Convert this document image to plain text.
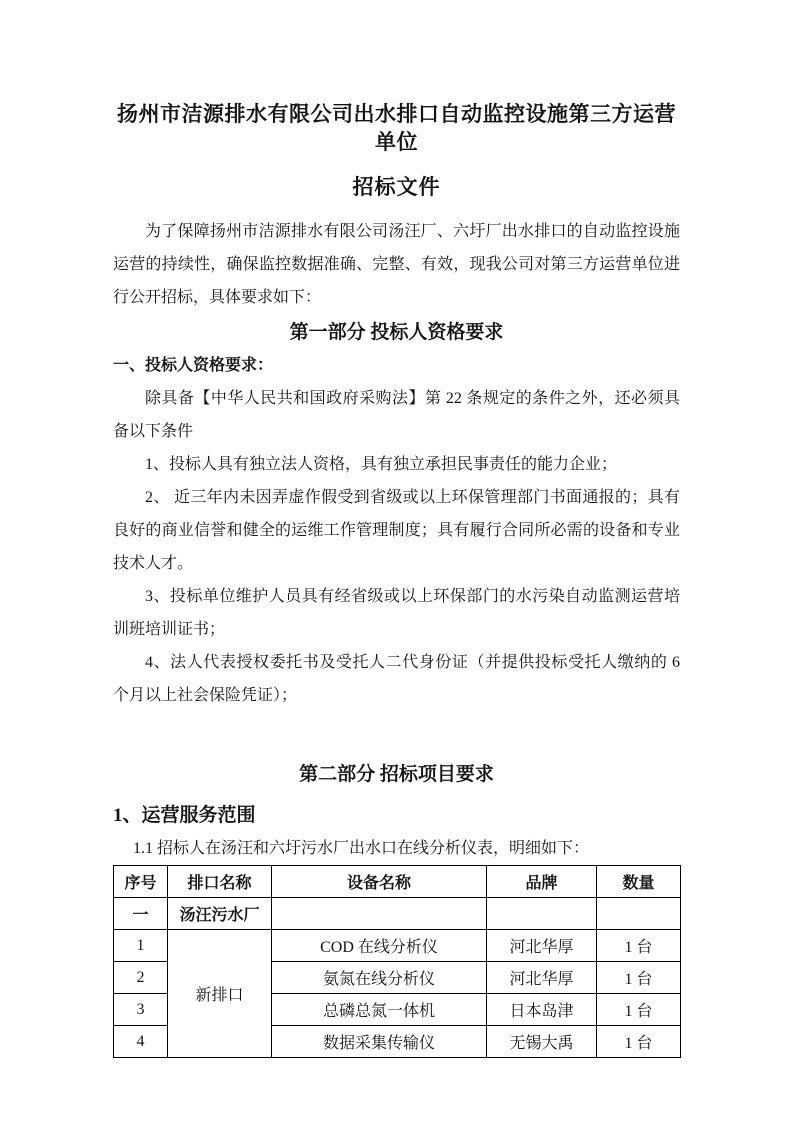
扬州市洁源排水有限公司出水排口自动监控设施第三方运营单位
招标文件

为了保障扬州市洁源排水有限公司汤汪厂、六圩厂出水排口的自动监控设施运营的持续性，确保监控数据准确、完整、有效，现我公司对第三方运营单位进行公开招标，具体要求如下：

第一部分 投标人资格要求

一、投标人资格要求：

除具备【中华人民共和国政府采购法】第 22 条规定的条件之外，还必须具备以下条件

1、投标人具有独立法人资格，具有独立承担民事责任的能力企业；

2、 近三年内未因弄虚作假受到省级或以上环保管理部门书面通报的；具有良好的商业信誉和健全的运维工作管理制度；具有履行合同所必需的设备和专业技术人才。

3、投标单位维护人员具有经省级或以上环保部门的水污染自动监测运营培训班培训证书；

4、法人代表授权委托书及受托人二代身份证（并提供投标受托人缴纳的 6 个月以上社会保险凭证）；

第二部分 招标项目要求
1、运营服务范围

1.1 招标人在汤汪和六圩污水厂出水口在线分析仪表，明细如下：

序号	排口名称	设备名称	品牌	数量
一	汤汪污水厂			
1	新排口	COD 在线分析仪	河北华厚	1 台
2		氨氮在线分析仪	河北华厚	1 台
3		总磷总氮一体机	日本岛津	1 台
4		数据采集传输仪	无锡大禹	1 台
